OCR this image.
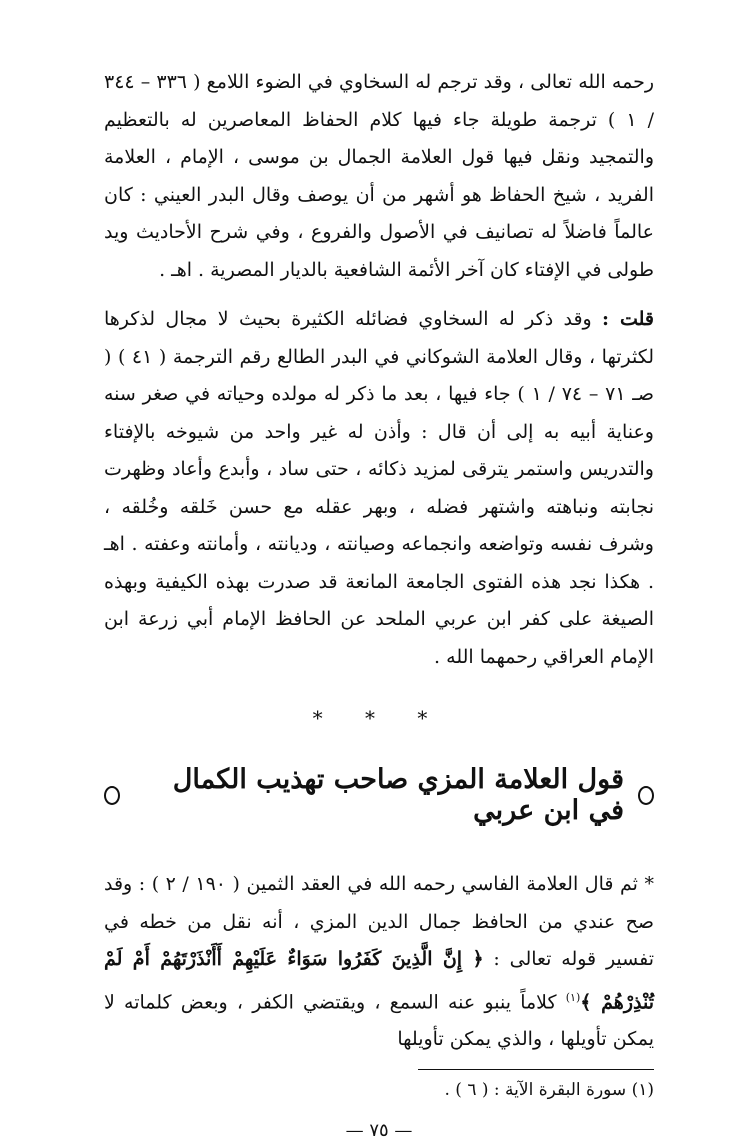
رحمه الله تعالى ، وقد ترجم له السخاوي في الضوء اللامع ( ٣٣٦ – ٣٤٤ / ١ ) ترجمة طويلة جاء فيها كلام الحفاظ المعاصرين له بالتعظيم والتمجيد ونقل فيها قول العلامة الجمال بن موسى ، الإمام ، العلامة الفريد ، شيخ الحفاظ هو أشهر من أن يوصف وقال البدر العيني : كان عالماً فاضلاً له تصانيف في الأصول والفروع ، وفي شرح الأحاديث ويد طولى في الإفتاء كان آخر الأئمة الشافعية بالديار المصرية . اهـ .

قلت : وقد ذكر له السخاوي فضائله الكثيرة بحيث لا مجال لذكرها لكثرتها ، وقال العلامة الشوكاني في البدر الطالع رقم الترجمة ( ٤١ ) ( صـ ٧١ – ٧٤ / ١ ) جاء فيها ، بعد ما ذكر له مولده وحياته في صغر سنه وعناية أبيه به إلى أن قال : وأذن له غير واحد من شيوخه بالإفتاء والتدريس واستمر يترقى لمزيد ذكائه ، حتى ساد ، وأبدع وأعاد وظهرت نجابته ونباهته واشتهر فضله ، وبهر عقله مع حسن خَلقه وخُلقه ، وشرف نفسه وتواضعه وانجماعه وصيانته ، وديانته ، وأمانته وعفته . اهـ . هكذا نجد هذه الفتوى الجامعة المانعة قد صدرت بهذه الكيفية وبهذه الصيغة على كفر ابن عربي الملحد عن الحافظ الإمام أبي زرعة ابن الإمام العراقي رحمهما الله .

* * *
قول العلامة المزي صاحب تهذيب الكمال في ابن عربي

* ثم قال العلامة الفاسي رحمه الله في العقد الثمين ( ١٩٠ / ٢ ) : وقد صح عندي من الحافظ جمال الدين المزي ، أنه نقل من خطه في تفسير قوله تعالى : ﴿ إِنَّ الَّذِينَ كَفَرُوا سَوَاءٌ عَلَيْهِمْ أَأَنْذَرْتَهُمْ أَمْ لَمْ تُنْذِرْهُمْ ﴾$^{(١)}$ كلاماً ينبو عنه السمع ، ويقتضي الكفر ، وبعض كلماته لا يمكن تأويلها ، والذي يمكن تأويلها

(١) سورة البقرة الآية : ( ٦ ) .
— ٧٥ —
